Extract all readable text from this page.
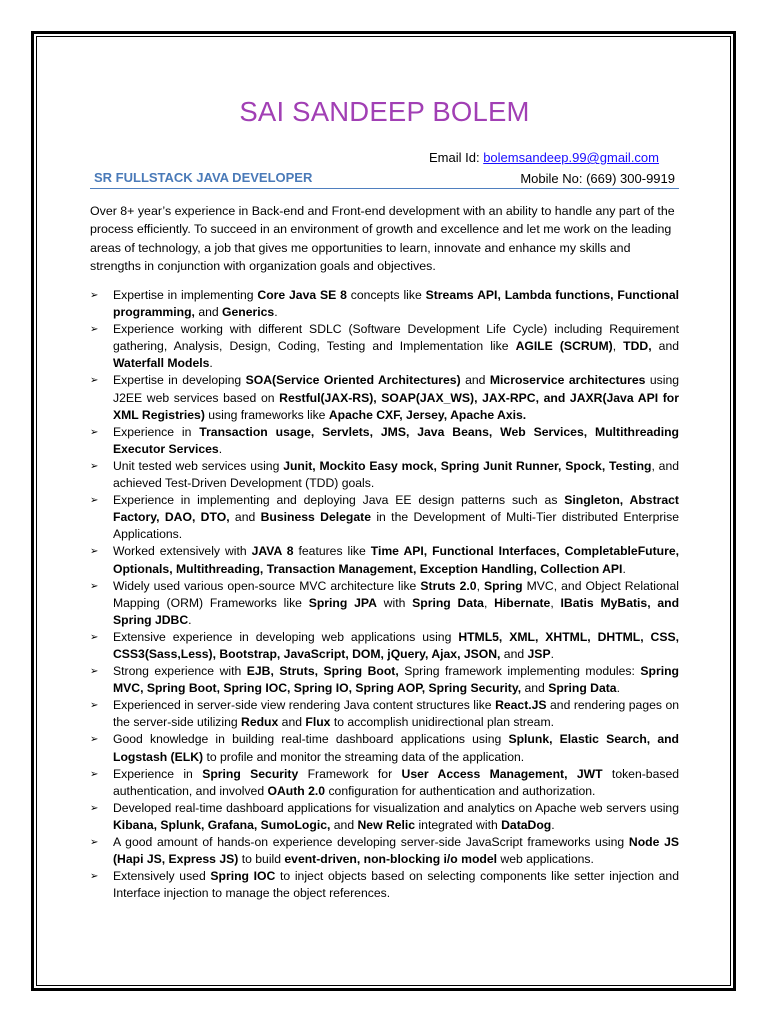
SAI SANDEEP BOLEM
Email Id: bolemsandeep.99@gmail.com
SR FULLSTACK JAVA DEVELOPER	Mobile No: (669) 300-9919
Over 8+ year’s experience in Back-end and Front-end development with an ability to handle any part of the process efficiently. To succeed in an environment of growth and excellence and let me work on the leading areas of technology, a job that gives me opportunities to learn, innovate and enhance my skills and strengths in conjunction with organization goals and objectives.
➢ Expertise in implementing Core Java SE 8 concepts like Streams API, Lambda functions, Functional programming, and Generics.
➢ Experience working with different SDLC (Software Development Life Cycle) including Requirement gathering, Analysis, Design, Coding, Testing and Implementation like AGILE (SCRUM), TDD, and Waterfall Models.
➢ Expertise in developing SOA(Service Oriented Architectures) and Microservice architectures using J2EE web services based on Restful(JAX-RS), SOAP(JAX_WS), JAX-RPC, and JAXR(Java API for XML Registries) using frameworks like Apache CXF, Jersey, Apache Axis.
➢ Experience in Transaction usage, Servlets, JMS, Java Beans, Web Services, Multithreading Executor Services.
➢ Unit tested web services using Junit, Mockito Easy mock, Spring Junit Runner, Spock, Testing, and achieved Test-Driven Development (TDD) goals.
➢ Experience in implementing and deploying Java EE design patterns such as Singleton, Abstract Factory, DAO, DTO, and Business Delegate in the Development of Multi-Tier distributed Enterprise Applications.
➢ Worked extensively with JAVA 8 features like Time API, Functional Interfaces, CompletableFuture, Optionals, Multithreading, Transaction Management, Exception Handling, Collection API.
➢ Widely used various open-source MVC architecture like Struts 2.0, Spring MVC, and Object Relational Mapping (ORM) Frameworks like Spring JPA with Spring Data, Hibernate, IBatis MyBatis, and Spring JDBC.
➢ Extensive experience in developing web applications using HTML5, XML, XHTML, DHTML, CSS, CSS3(Sass,Less), Bootstrap, JavaScript, DOM, jQuery, Ajax, JSON, and JSP.
➢ Strong experience with EJB, Struts, Spring Boot, Spring framework implementing modules: Spring MVC, Spring Boot, Spring IOC, Spring IO, Spring AOP, Spring Security, and Spring Data.
➢ Experienced in server-side view rendering Java content structures like React.JS and rendering pages on the server-side utilizing Redux and Flux to accomplish unidirectional plan stream.
➢ Good knowledge in building real-time dashboard applications using Splunk, Elastic Search, and Logstash (ELK) to profile and monitor the streaming data of the application.
➢ Experience in Spring Security Framework for User Access Management, JWT token-based authentication, and involved OAuth 2.0 configuration for authentication and authorization.
➢ Developed real-time dashboard applications for visualization and analytics on Apache web servers using Kibana, Splunk, Grafana, SumoLogic, and New Relic integrated with DataDog.
➢ A good amount of hands-on experience developing server-side JavaScript frameworks using Node JS (Hapi JS, Express JS) to build event-driven, non-blocking i/o model web applications.
➢ Extensively used Spring IOC to inject objects based on selecting components like setter injection and Interface injection to manage the object references.
